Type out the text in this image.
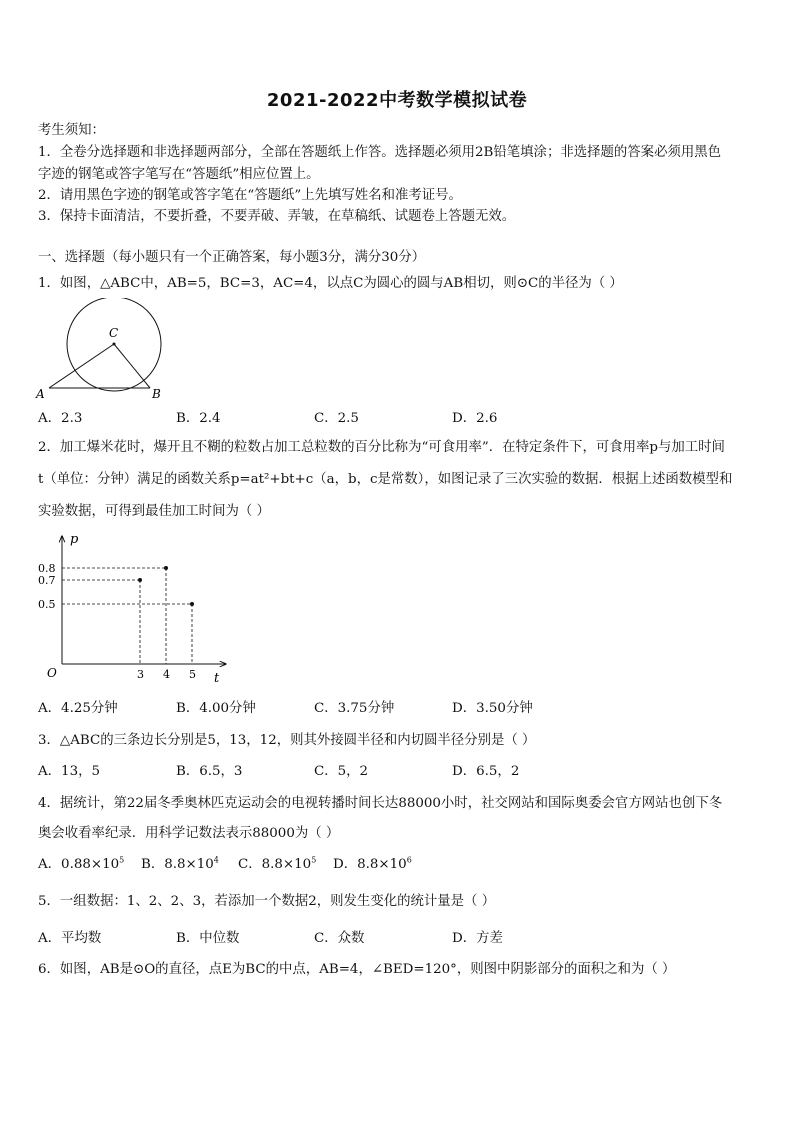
2021-2022中考数学模拟试卷
考生须知：
1．全卷分选择题和非选择题两部分，全部在答题纸上作答。选择题必须用2B铅笔填涂；非选择题的答案必须用黑色
字迹的钢笔或答字笔写在“答题纸”相应位置上。
2．请用黑色字迹的钢笔或答字笔在“答题纸”上先填写姓名和准考证号。
3．保持卡面清洁，不要折叠，不要弄破、弄皱，在草稿纸、试题卷上答题无效。
一、选择题（每小题只有一个正确答案，每小题3分，满分30分）
1．如图，△ABC中，AB=5，BC=3，AC=4，以点C为圆心的圆与AB相切，则⊙C的半径为（ ）
C
A	B
A．2.3	B．2.4	C．2.5	D．2.6
2．加工爆米花时，爆开且不糊的粒数占加工总粒数的百分比称为“可食用率”．在特定条件下，可食用率p与加工时间
t（单位：分钟）满足的函数关系p=at²+bt+c（a，b，c是常数），如图记录了三次实验的数据．根据上述函数模型和
实验数据，可得到最佳加工时间为（ ）
0.8
0.7
0.5
3 4 5
O	t
p
A．4.25分钟	B．4.00分钟	C．3.75分钟	D．3.50分钟
3．△ABC的三条边长分别是5，13，12，则其外接圆半径和内切圆半径分别是（ ）
A．13，5	B．6.5，3	C．5，2	D．6.5，2
4．据统计，第22届冬季奥林匹克运动会的电视转播时间长达88000小时，社交网站和国际奥委会官方网站也创下冬
奥会收看率纪录．用科学记数法表示88000为（ ）
A．$0.88\times 10^5$ B．$8.8\times 10^4$ C．$8.8\times 10^5$ D．$8.8\times 10^6$
5．一组数据：1、2、2、3，若添加一个数据2，则发生变化的统计量是（ ）
A．平均数	B．中位数	C．众数	D．方差
6．如图，AB是⊙O的直径，点E为BC的中点，AB=4，∠BED=120°，则图中阴影部分的面积之和为（ ）
